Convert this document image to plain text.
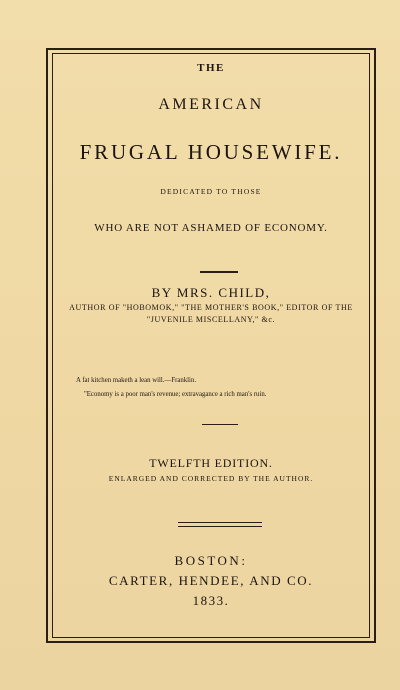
THE

AMERICAN

FRUGAL HOUSEWIFE.

DEDICATED TO THOSE

WHO ARE NOT ASHAMED OF ECONOMY.

BY MRS. CHILD,

AUTHOR OF "HOBOMOK," "THE MOTHER'S BOOK," EDITOR OF THE

"JUVENILE MISCELLANY," &c.

A fat kitchen maketh a lean will.—Franklin.

"Economy is a poor man's revenue; extravagance a rich man's ruin.

TWELFTH EDITION.

ENLARGED AND CORRECTED BY THE AUTHOR.

BOSTON:

CARTER, HENDEE, AND CO.

1833.
